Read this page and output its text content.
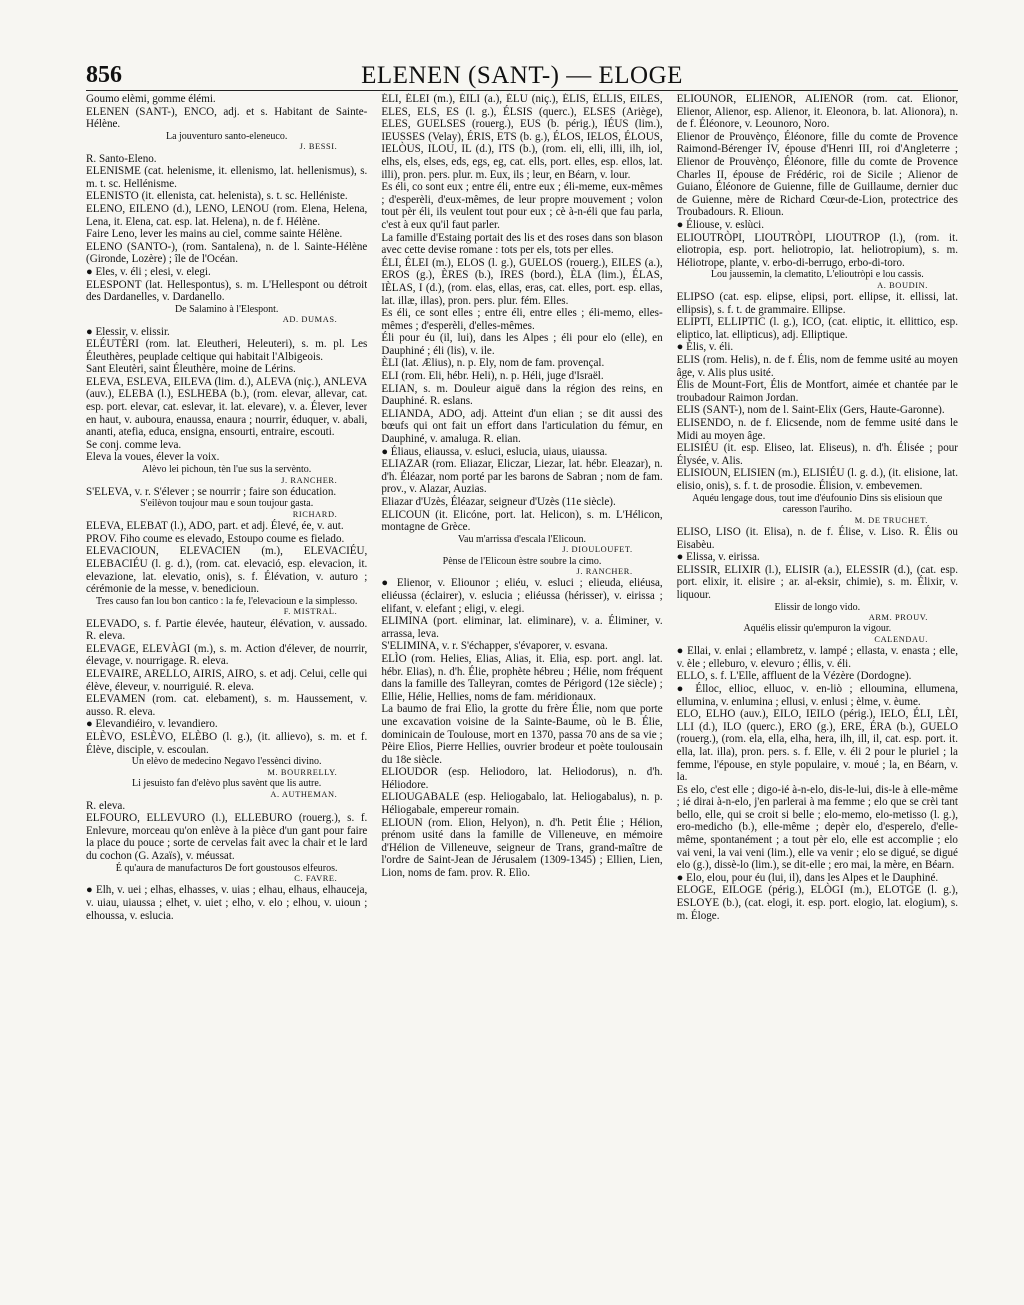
856	ELENEN (SANT-) — ELOGE

Goumo elèmi, gomme élémi.

ELENEN (SANT-), ENCO, adj. et s. Habitant de Sainte-Hélène.

La jouventuro santo-eleneuco.

J. BESSI.

R. Santo-Eleno.

ELENISME (cat. helenisme, it. ellenismo, lat. hellenismus), s. m. t. sc. Hellénisme.

ELENISTO (it. ellenista, cat. helenista), s. t. sc. Helléniste.

ELENO, EILENO (d.), LENO, LENOU (rom. Elena, Helena, Lena, it. Elena, cat. esp. lat. Helena), n. de f. Hélène.

Faire Leno, lever les mains au ciel, comme sainte Hélène.

ELENO (SANTO-), (rom. Santalena), n. de l. Sainte-Hélène (Gironde, Lozère) ; île de l'Océan.

● Eles, v. éli ; elesi, v. elegi.

ELESPONT (lat. Hellespontus), s. m. L'Hellespont ou détroit des Dardanelles, v. Dardanello.

De Salamino à l'Elespont.

AD. DUMAS.

● Elessir, v. elissir.

ELÉUTÈRI (rom. lat. Eleutheri, Heleuteri), s. m. pl. Les Éleuthères, peuplade celtique qui habitait l'Albigeois.

Sant Eleutèri, saint Éleuthère, moine de Lérins.

ELEVA, ESLEVA, EILEVA (lim. d.), ALEVA (niç.), ANLEVA (auv.), ELEBA (l.), ESLHEBA (b.), (rom. elevar, allevar, cat. esp. port. elevar, cat. eslevar, it. lat. elevare), v. a. Élever, lever en haut, v. auboura, enaussa, enaura ; nourrir, éduquer, v. abali, ananti, atefia, educa, ensigna, ensourti, entraire, escouti.

Se conj. comme leva.

Eleva la voues, élever la voix.

Alèvo lei pichoun, tèn l'ue sus la servènto.

J. RANCHER.

S'ELEVA, v. r. S'élever ; se nourrir ; faire son éducation.

S'eilèvon toujour mau e soun toujour gasta.

RICHARD.

ELEVA, ELEBAT (l.), ADO, part. et adj. Élevé, ée, v. aut.

PROV. Fiho coume es elevado, Estoupo coume es fielado.

ELEVACIOUN, ELEVACIEN (m.), ELEVACIÉU, ELEBACIÉU (l. g. d.), (rom. cat. elevació, esp. elevacion, it. elevazione, lat. elevatio, onis), s. f. Élévation, v. auturo ; cérémonie de la messe, v. benedicioun.

Tres causo fan lou bon cantico : la fe, l'elevacioun e la simplesso.

F. MISTRAL.

ELEVADO, s. f. Partie élevée, hauteur, élévation, v. aussado. R. eleva.

ELEVAGE, ELEVÀGI (m.), s. m. Action d'élever, de nourrir, élevage, v. nourrigage. R. eleva.

ELEVAIRE, ARELLO, AIRIS, AIRO, s. et adj. Celui, celle qui élève, éleveur, v. nourriguié. R. eleva.

ELEVAMEN (rom. cat. elebament), s. m. Haussement, v. ausso. R. eleva.

● Elevandiéiro, v. levandiero.

ELÈVO, ESLÈVO, ELÈBO (l. g.), (it. allievo), s. m. et f. Élève, disciple, v. escoulan.

Un elèvo de medecino Negavo l'essènci divino.

M. BOURRELLY.

Li jesuisto fan d'elèvo plus savènt que lis autre.

A. AUTHEMAN.

R. eleva.

ELFOURO, ELLEVURO (l.), ELLEBURO (rouerg.), s. f. Enlevure, morceau qu'on enlève à la pièce d'un gant pour faire la place du pouce ; sorte de cervelas fait avec la chair et le lard du cochon (G. Azaïs), v. méussat.

É qu'aura de manufacturos De fort goustousos elfeuros.

C. FAVRE.

● Elh, v. uei ; elhas, elhasses, v. uias ; elhau, elhaus, elhauceja, v. uiau, uiaussa ; elhet, v. uiet ; elho, v. elo ; elhou, v. uioun ; elhoussa, v. eslucia.

ÉLI, ÉLEI (m.), ÉILI (a.), ÉLU (niç.), ÉLIS, ÉLLIS, EILES, ELES, ELS, ES (l. g.), ÉLSIS (querc.), ELSES (Ariège), ELES, GUELSES (rouerg.), EUS (b. périg.), IÉUS (lim.), IEUSSES (Velay), ÉRIS, ETS (b. g.), ÉLOS, IELOS, ÉLOUS, IELÒUS, ILOU, IL (d.), ITS (b.), (rom. eli, elli, illi, ilh, iol, elhs, els, elses, eds, egs, eg, cat. ells, port. elles, esp. ellos, lat. illi), pron. pers. plur. m. Eux, ils ; leur, en Béarn, v. lour.

Es éli, co sont eux ; entre éli, entre eux ; éli-meme, eux-mêmes ; d'esperèli, d'eux-mêmes, de leur propre mouvement ; volon tout pèr éli, ils veulent tout pour eux ; cè à-n-éli que fau parla, c'est à eux qu'il faut parler.

La famille d'Estaing portait des lis et des roses dans son blason avec cette devise romane : tots per els, tots per elles.

ÉLI, ÉLEI (m.), ELOS (l. g.), GUELOS (rouerg.), EILES (a.), EROS (g.), ÈRES (b.), IRES (bord.), ÈLA (lim.), ÉLAS, IÈLAS, I (d.), (rom. elas, ellas, eras, cat. elles, port. esp. ellas, lat. illæ, illas), pron. pers. plur. fém. Elles.

Es éli, ce sont elles ; entre éli, entre elles ; éli-memo, elles-mêmes ; d'esperèli, d'elles-mêmes.

Éli pour éu (il, lui), dans les Alpes ; éli pour elo (elle), en Dauphiné ; éli (lis), v. ile.

ÈLI (lat. Ælius), n. p. Ely, nom de fam. provençal.

ELI (rom. Eli, hébr. Heli), n. p. Héli, juge d'Israël.

ELIAN, s. m. Douleur aiguë dans la région des reins, en Dauphiné. R. eslans.

ELIANDA, ADO, adj. Atteint d'un elian ; se dit aussi des bœufs qui ont fait un effort dans l'articulation du fémur, en Dauphiné, v. amaluga. R. elian.

● Éliaus, eliaussa, v. esluci, eslucia, uiaus, uiaussa.

ELIAZAR (rom. Eliazar, Eliczar, Liezar, lat. hébr. Eleazar), n. d'h. Éléazar, nom porté par les barons de Sabran ; nom de fam. prov., v. Alazar, Auzias.

Eliazar d'Uzès, Éléazar, seigneur d'Uzès (11e siècle).

ELICOUN (it. Elicóne, port. lat. Helicon), s. m. L'Hélicon, montagne de Grèce.

Vau m'arrissa d'escala l'Elicoun.

J. DIOULOUFET.

Pènse de l'Elicoun èstre soubre la cimo.

J. RANCHER.

● Elienor, v. Eliounor ; eliéu, v. esluci ; elieuda, eliéusa, eliéussa (éclairer), v. eslucia ; eliéussa (hérisser), v. eirissa ; elifant, v. elefant ; eligi, v. elegi.

ELIMINA (port. eliminar, lat. eliminare), v. a. Éliminer, v. arrassa, leva.

S'ELIMINA, v. r. S'échapper, s'évaporer, v. esvana.

ELÌO (rom. Helies, Elias, Alias, it. Elia, esp. port. angl. lat. hébr. Elias), n. d'h. Élie, prophète hébreu ; Hélie, nom fréquent dans la famille des Talleyran, comtes de Périgord (12e siècle) ; Ellie, Hélie, Hellies, noms de fam. méridionaux.

La baumo de frai Elìo, la grotte du frère Élie, nom que porte une excavation voisine de la Sainte-Baume, où le B. Élie, dominicain de Toulouse, mort en 1370, passa 70 ans de sa vie ; Pèire Elìos, Pierre Hellies, ouvrier brodeur et poète toulousain du 18e siècle.

ELIOUDOR (esp. Heliodoro, lat. Heliodorus), n. d'h. Héliodore.

ELIOUGABALE (esp. Heliogabalo, lat. Heliogabalus), n. p. Héliogabale, empereur romain.

ELIOUN (rom. Elion, Helyon), n. d'h. Petit Élie ; Hélion, prénom usité dans la famille de Villeneuve, en mémoire d'Hélion de Villeneuve, seigneur de Trans, grand-maître de l'ordre de Saint-Jean de Jérusalem (1309-1345) ; Ellien, Lien, Lion, noms de fam. prov. R. Elìo.

ELIOUNOR, ELIENOR, ALIENOR (rom. cat. Elionor, Elienor, Alienor, esp. Alienor, it. Eleonora, b. lat. Alionora), n. de f. Éléonore, v. Leounoro, Noro.

Elienor de Prouvènço, Éléonore, fille du comte de Provence Raimond-Bérenger IV, épouse d'Henri III, roi d'Angleterre ; Elienor de Prouvènço, Éléonore, fille du comte de Provence Charles II, épouse de Frédéric, roi de Sicile ; Alienor de Guiano, Éléonore de Guienne, fille de Guillaume, dernier duc de Guienne, mère de Richard Cœur-de-Lion, protectrice des Troubadours. R. Elioun.

● Éliouse, v. eslùci.

ELIOUTRÒPI, LIOUTRÒPI, LIOUTROP (l.), (rom. it. eliotropia, esp. port. heliotropio, lat. heliotropium), s. m. Héliotrope, plante, v. erbo-di-berrugo, erbo-di-toro.

Lou jaussemin, la clematito, L'elioutròpi e lou cassis.

A. BOUDIN.

ELIPSO (cat. esp. elipse, elipsi, port. ellipse, it. ellissi, lat. ellipsis), s. f. t. de grammaire. Ellipse.

ELIPTI, ELLIPTIC (l. g.), ICO, (cat. eliptic, it. ellittico, esp. eliptico, lat. ellipticus), adj. Elliptique.

● Élis, v. éli.

ELIS (rom. Helis), n. de f. Élis, nom de femme usité au moyen âge, v. Alis plus usité.

Élis de Mount-Fort, Élis de Montfort, aimée et chantée par le troubadour Raimon Jordan.

ELIS (SANT-), nom de l. Saint-Elix (Gers, Haute-Garonne).

ELISENDO, n. de f. Elicsende, nom de femme usité dans le Midi au moyen âge.

ELISIÉU (it. esp. Eliseo, lat. Eliseus), n. d'h. Élisée ; pour Élysée, v. Alis.

ELISIOUN, ELISIEN (m.), ELISIÉU (l. g. d.), (it. elisione, lat. elisio, onis), s. f. t. de prosodie. Élision, v. embevemen.

Aquéu lengage dous, tout ime d'éufounio Dins sis elisioun que caresson l'auriho.

M. DE TRUCHET.

ELISO, LISO (it. Elisa), n. de f. Élise, v. Liso. R. Élis ou Eisabèu.

● Elissa, v. eirissa.

ELISSIR, ELIXIR (l.), ELISIR (a.), ELESSIR (d.), (cat. esp. port. elixir, it. elisire ; ar. al-eksir, chimie), s. m. Élixir, v. liquour.

Elissir de longo vido.

ARM. PROUV.

Aquélis elissir qu'empuron la vigour.

CALENDAU.

● Ellai, v. enlai ; ellambretz, v. lampé ; ellasta, v. enasta ; elle, v. èle ; elleburo, v. elevuro ; éllis, v. éli.

ELLO, s. f. L'Elle, affluent de la Vézère (Dordogne).

● Élloc, ellioc, elluoc, v. en-liò ; elloumina, ellumena, ellumina, v. enlumina ; ellusi, v. enlusi ; èlme, v. èume.

ELO, ELHO (auv.), EILO, IEILO (périg.), IELO, ÉLI, LÈI, LLI (d.), ILO (querc.), ERO (g.), ERE, ÉRA (b.), GUELO (rouerg.), (rom. ela, ella, elha, hera, ilh, ill, il, cat. esp. port. it. ella, lat. illa), pron. pers. s. f. Elle, v. éli 2 pour le pluriel ; la femme, l'épouse, en style populaire, v. moué ; la, en Béarn, v. la.

Es elo, c'est elle ; digo-ié à-n-elo, dis-le-lui, dis-le à elle-même ; ié dirai à-n-elo, j'en parlerai à ma femme ; elo que se crèi tant bello, elle, qui se croit si belle ; elo-memo, elo-metisso (l. g.), ero-medicho (b.), elle-même ; depèr elo, d'esperelo, d'elle-même, spontanément ; a tout pèr elo, elle est accomplie ; elo vai veni, la vai veni (lim.), elle va venir ; elo se digué, se digué elo (g.), dissè-lo (lim.), se dit-elle ; ero mai, la mère, en Béarn.

● Elo, elou, pour éu (lui, il), dans les Alpes et le Dauphiné.

ELOGE, EILOGE (périg.), ELÒGI (m.), ELOTGE (l. g.), ESLOYE (b.), (cat. elogi, it. esp. port. elogio, lat. elogium), s. m. Éloge.
